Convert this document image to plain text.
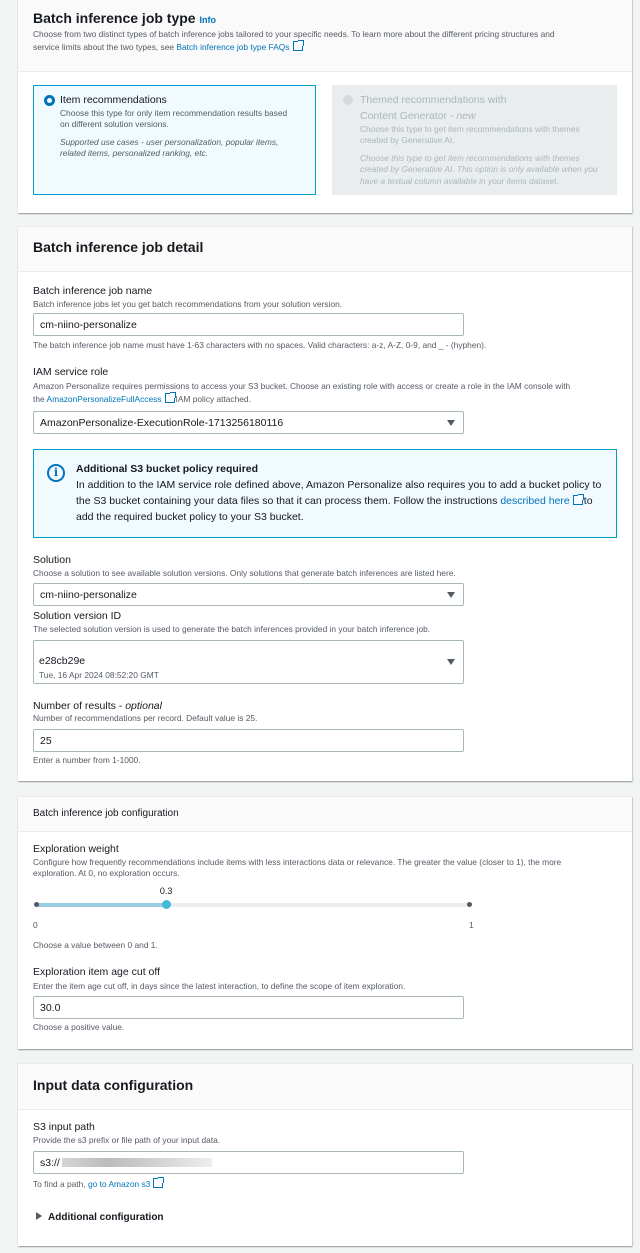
Batch inference job type Info
Choose from two distinct types of batch inference jobs tailored to your specific needs. To learn more about the different pricing structures and
service limits about the two types, see Batch inference job type FAQs
Item recommendations
Choose this type for only item recommendation results based
on different solution versions.
Supported use cases - user personalization, popular items,
related items, personalized ranking, etc.
Themed recommendations with
Content Generator - new
Choose this type to get item recommendations with themes
created by Generative AI.
Choose this type to get item recommendations with themes
created by Generative AI. This option is only available when you
have a textual column available in your items dataset.
Batch inference job detail
Batch inference job name
Batch inference jobs let you get batch recommendations from your solution version.
cm-niino-personalize
The batch inference job name must have 1-63 characters with no spaces. Valid characters: a-z, A-Z, 0-9, and _ - (hyphen).
IAM service role
Amazon Personalize requires permissions to access your S3 bucket. Choose an existing role with access or create a role in the IAM console with
the AmazonPersonalizeFullAccess IAM policy attached.
AmazonPersonalize-ExecutionRole-1713256180116
i	Additional S3 bucket policy required
In addition to the IAM service role defined above, Amazon Personalize also requires you to add a bucket policy to
the S3 bucket containing your data files so that it can process them. Follow the instructions described here to
add the required bucket policy to your S3 bucket.
Solution
Choose a solution to see available solution versions. Only solutions that generate batch inferences are listed here.
cm-niino-personalize
Solution version ID
The selected solution version is used to generate the batch inferences provided in your batch inference job.
e28cb29e
Tue, 16 Apr 2024 08:52:20 GMT
Number of results - optional
Number of recommendations per record. Default value is 25.
25
Enter a number from 1-1000.
Batch inference job configuration
Exploration weight
Configure how frequently recommendations include items with less interactions data or relevance. The greater the value (closer to 1), the more
exploration. At 0, no exploration occurs.
0.3
0	1
Choose a value between 0 and 1.
Exploration item age cut off
Enter the item age cut off, in days since the latest interaction, to define the scope of item exploration.
30.0
Choose a positive value.
Input data configuration
S3 input path
Provide the s3 prefix or file path of your input data.
s3://
To find a path, go to Amazon s3
Additional configuration
